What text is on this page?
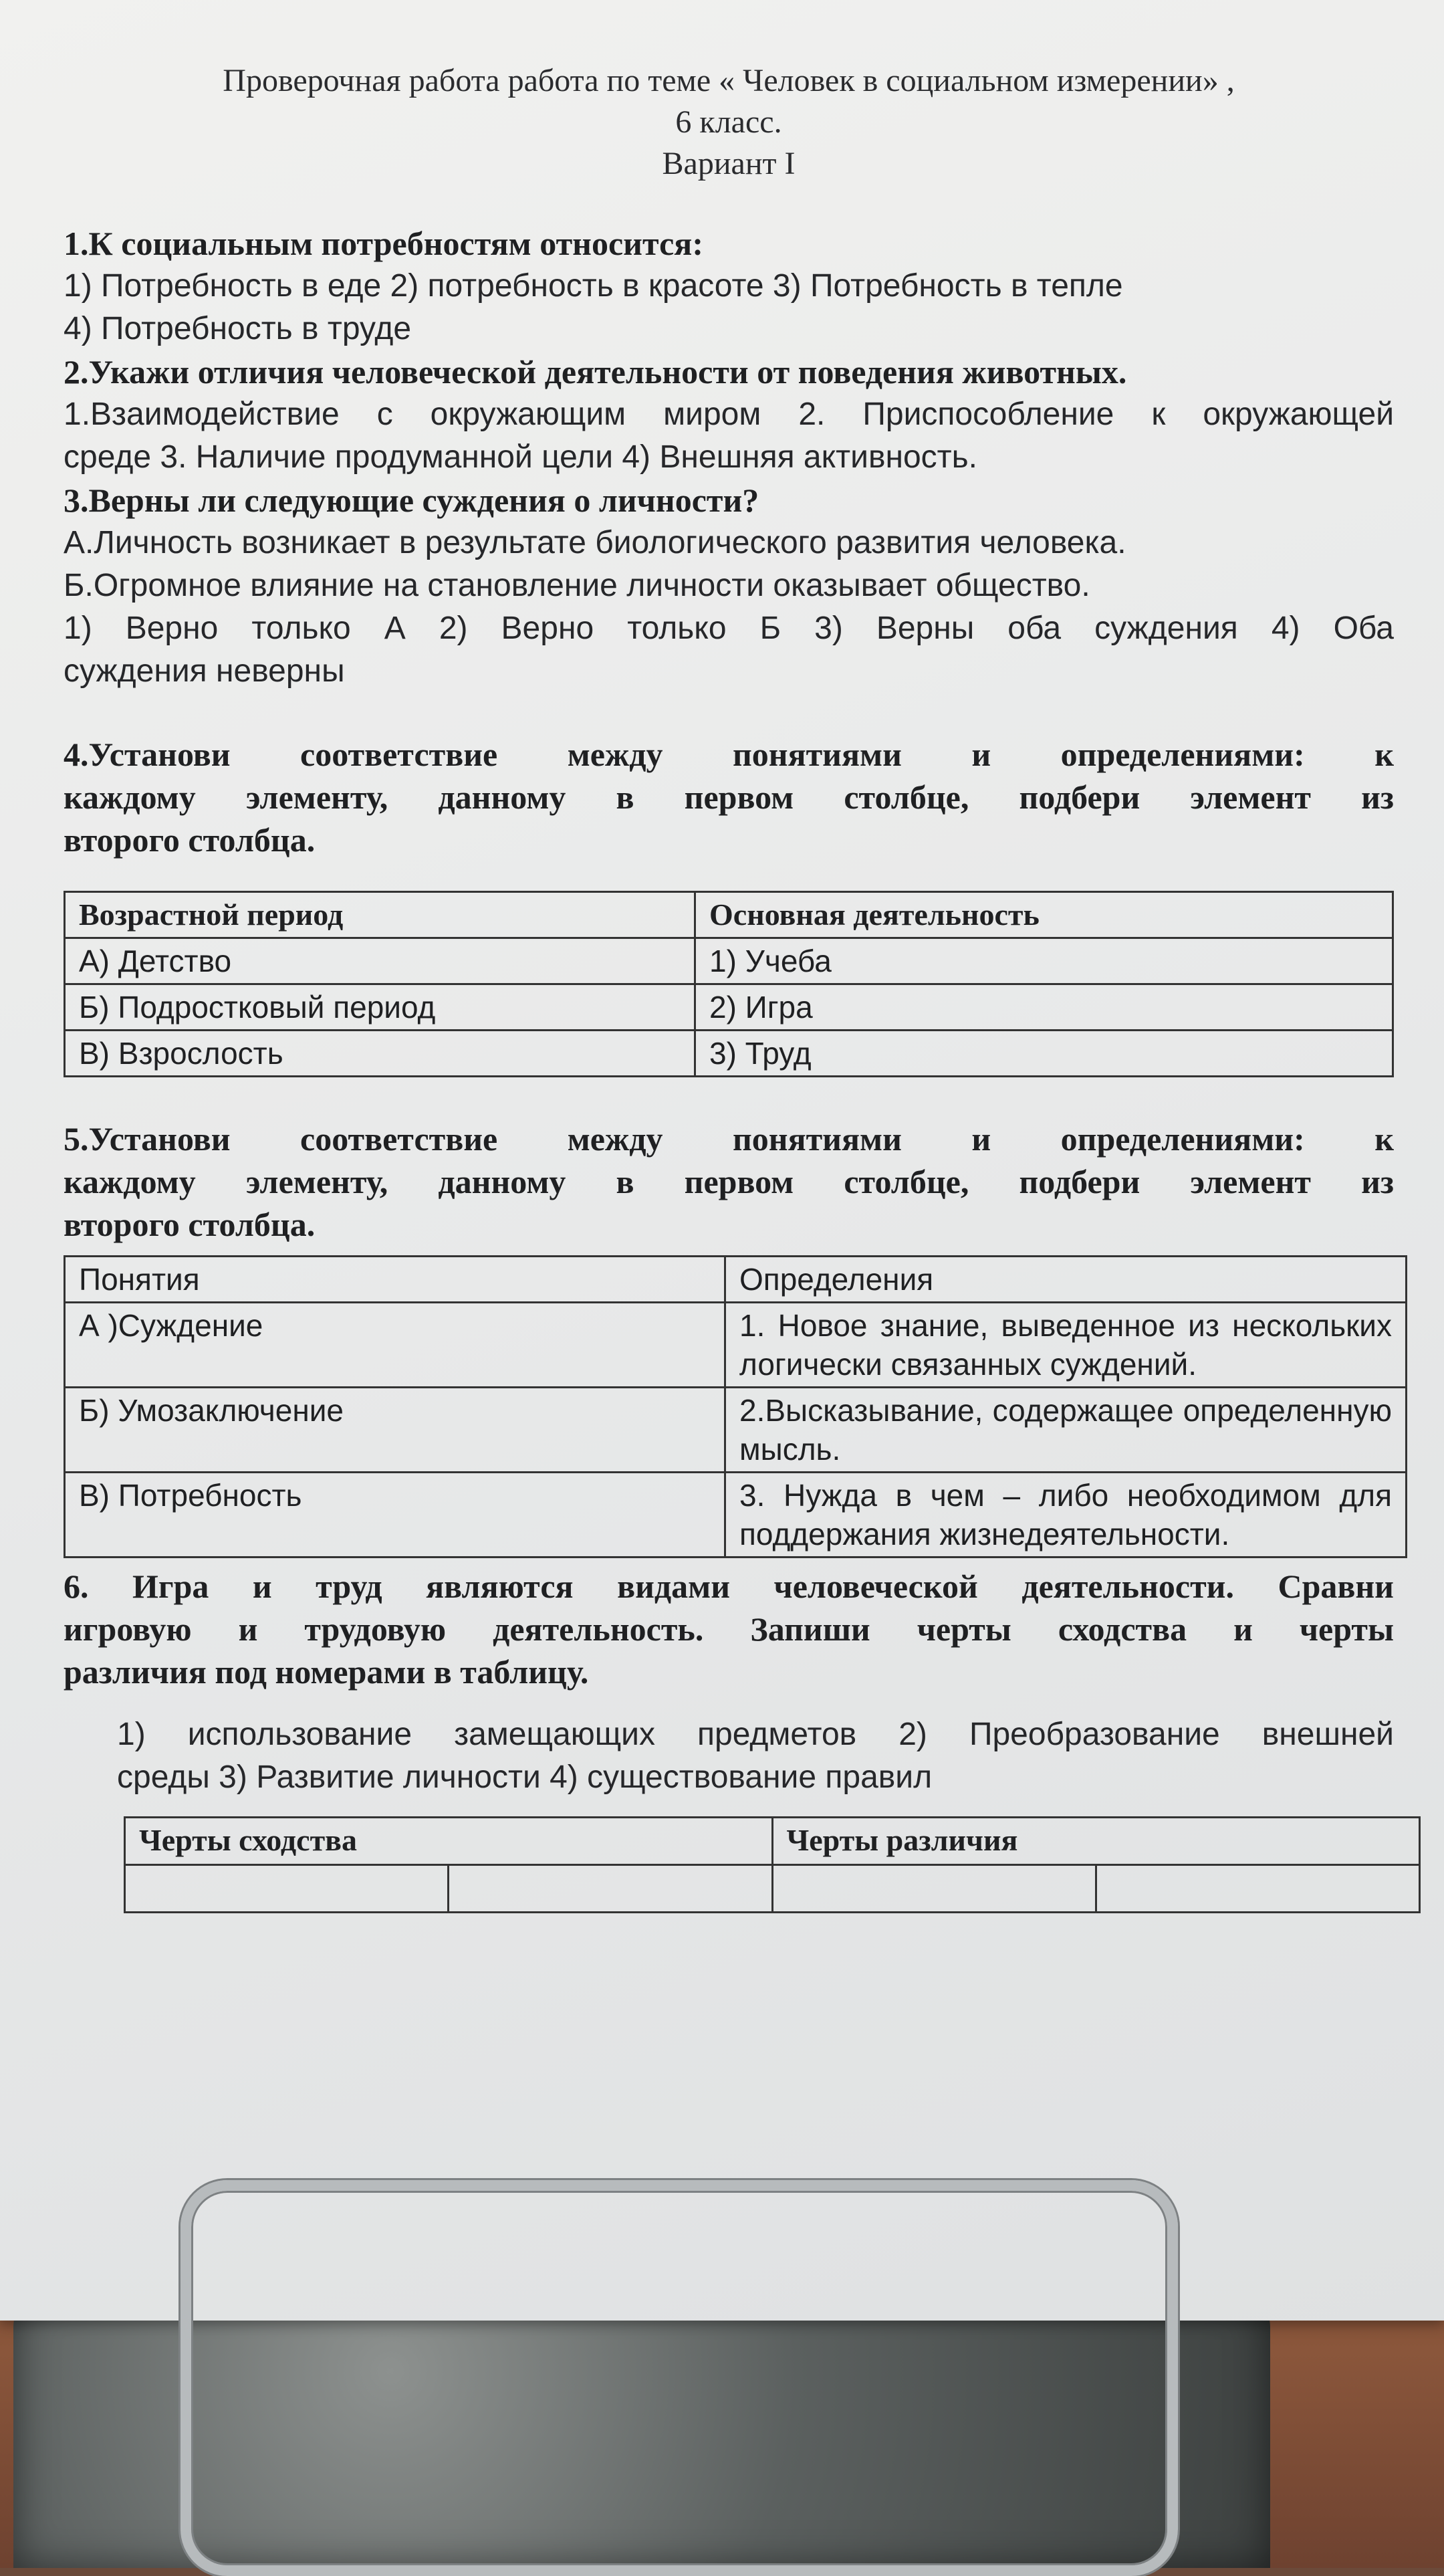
Проверочная работа работа по теме « Человек в социальном измерении» ,
6 класс.
Вариант I

1.К социальным потребностям относится:

1) Потребность в еде 2) потребность в красоте 3) Потребность в тепле

4) Потребность в труде

2.Укажи отличия человеческой деятельности от поведения животных.

1.Взаимодействие с окружающим миром 2. Приспособление к окружающей

среде 3. Наличие продуманной цели 4) Внешняя активность.

3.Верны ли следующие суждения о личности?

А.Личность возникает в результате биологического развития человека.

Б.Огромное влияние на становление личности оказывает общество.

1) Верно только А 2) Верно только Б 3) Верны оба суждения 4) Оба

суждения неверны

4.Установи соответствие между понятиями и определениями: к

каждому элементу, данному в первом столбце, подбери элемент из

второго столбца.

Возрастной период	Основная деятельность
А) Детство	1) Учеба
Б) Подростковый период	2) Игра
В) Взрослость	3) Труд

5.Установи соответствие между понятиями и определениями: к

каждому элементу, данному в первом столбце, подбери элемент из

второго столбца.

Понятия	Определения
А )Суждение	1. Новое знание, выведенное из нескольких логически связанных суждений.
Б) Умозаключение	2.Высказывание, содержащее определенную мысль.
В) Потребность	3. Нужда в чем – либо необходимом для поддержания жизнедеятельности.

6. Игра и труд являются видами человеческой деятельности. Сравни

игровую и трудовую деятельность. Запиши черты сходства и черты

различия под номерами в таблицу.

1) использование замещающих предметов 2) Преобразование внешней

среды 3) Развитие личности 4) существование правил

Черты сходства		Черты различия	
